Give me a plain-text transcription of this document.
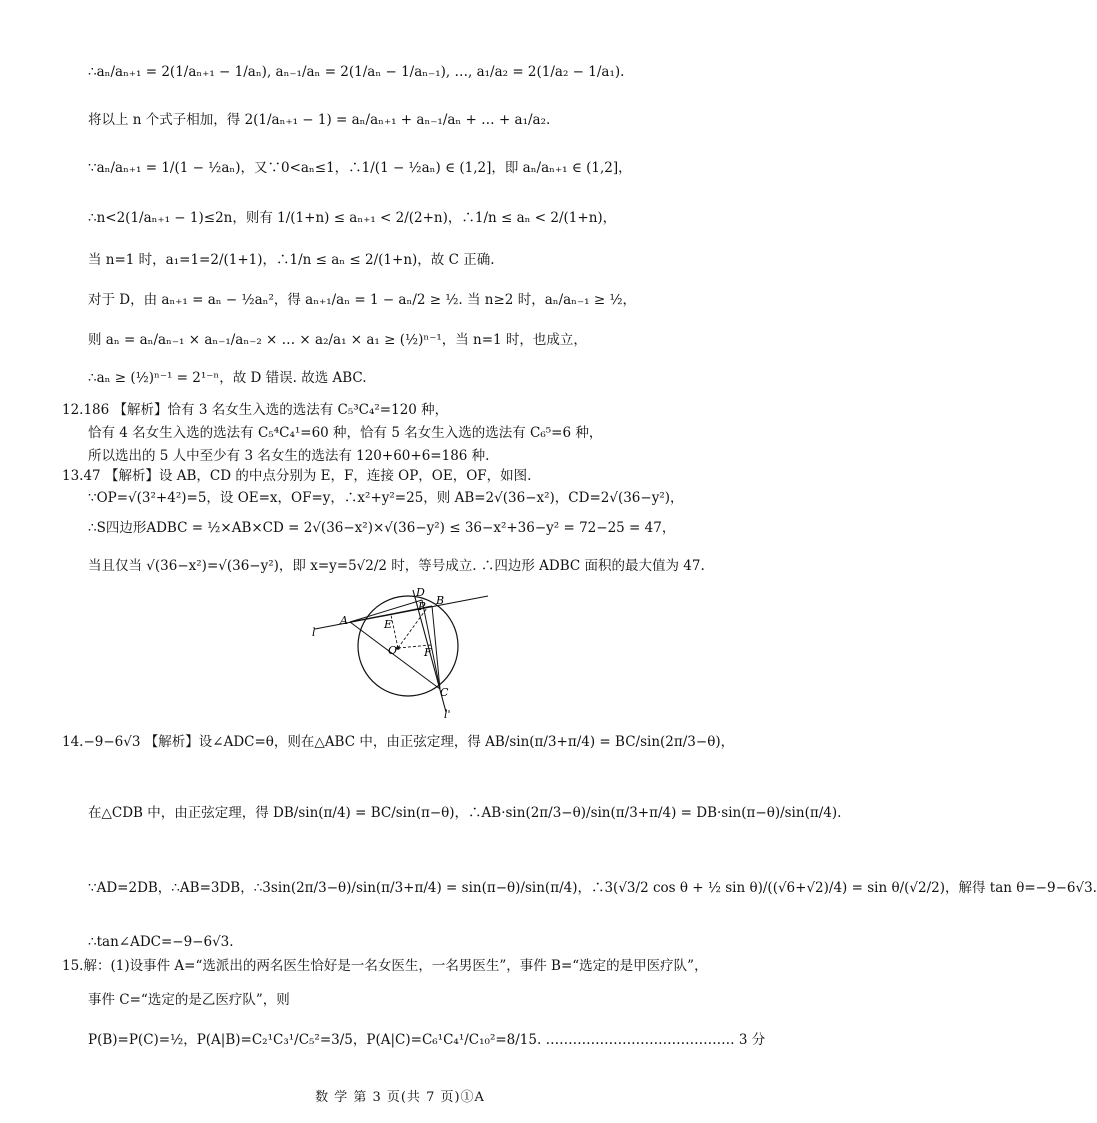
∴aₙ/aₙ₊₁ = 2(1/aₙ₊₁ − 1/aₙ), aₙ₋₁/aₙ = 2(1/aₙ − 1/aₙ₋₁), …, a₁/a₂ = 2(1/a₂ − 1/a₁).
将以上 n 个式子相加，得 2(1/aₙ₊₁ − 1) = aₙ/aₙ₊₁ + aₙ₋₁/aₙ + … + a₁/a₂.
∵aₙ/aₙ₊₁ = 1/(1 − ½aₙ)，又∵0<aₙ≤1，∴1/(1 − ½aₙ) ∈ (1,2]，即 aₙ/aₙ₊₁ ∈ (1,2]，
∴n<2(1/aₙ₊₁ − 1)≤2n，则有 1/(1+n) ≤ aₙ₊₁ < 2/(2+n)，∴1/n ≤ aₙ < 2/(1+n)，
当 n=1 时，a₁=1=2/(1+1)，∴1/n ≤ aₙ ≤ 2/(1+n)，故 C 正确.
对于 D，由 aₙ₊₁ = aₙ − ½aₙ²，得 aₙ₊₁/aₙ = 1 − aₙ/2 ≥ ½. 当 n≥2 时，aₙ/aₙ₋₁ ≥ ½，
则 aₙ = aₙ/aₙ₋₁ × aₙ₋₁/aₙ₋₂ × … × a₂/a₁ × a₁ ≥ (½)ⁿ⁻¹，当 n=1 时，也成立，
∴aₙ ≥ (½)ⁿ⁻¹ = 2¹⁻ⁿ，故 D 错误. 故选 ABC.
12.186 【解析】恰有 3 名女生入选的选法有 C₅³C₄²=120 种，
恰有 4 名女生入选的选法有 C₅⁴C₄¹=60 种，恰有 5 名女生入选的选法有 C₆⁵=6 种，
所以选出的 5 人中至少有 3 名女生的选法有 120+60+6=186 种.
13.47 【解析】设 AB，CD 的中点分别为 E，F，连接 OP，OE，OF，如图.
∵OP=√(3²+4²)=5，设 OE=x，OF=y，∴x²+y²=25，则 AB=2√(36−x²)，CD=2√(36−y²)，
∴S四边形ADBC = ½×AB×CD = 2√(36−x²)×√(36−y²) ≤ 36−x²+36−y² = 72−25 = 47，
当且仅当 √(36−x²)=√(36−y²)，即 x=y=5√2/2 时，等号成立. ∴四边形 ADBC 面积的最大值为 47.
l
A
D
P B
E
O F
C
l'
14.−9−6√3 【解析】设∠ADC=θ，则在△ABC 中，由正弦定理，得 AB/sin(π/3+π/4) = BC/sin(2π/3−θ)，
在△CDB 中，由正弦定理，得 DB/sin(π/4) = BC/sin(π−θ)，∴AB·sin(2π/3−θ)/sin(π/3+π/4) = DB·sin(π−θ)/sin(π/4).
∵AD=2DB，∴AB=3DB，∴3sin(2π/3−θ)/sin(π/3+π/4) = sin(π−θ)/sin(π/4)，∴3(√3/2 cos θ + ½ sin θ)/((√6+√2)/4) = sin θ/(√2/2)，解得 tan θ=−9−6√3.
∴tan∠ADC=−9−6√3.
15.解：(1)设事件 A=“选派出的两名医生恰好是一名女医生，一名男医生”，事件 B=“选定的是甲医疗队”，
事件 C=“选定的是乙医疗队”，则
P(B)=P(C)=½，P(A|B)=C₂¹C₃¹/C₅²=3/5，P(A|C)=C₆¹C₄¹/C₁₀²=8/15. …………………………………… 3 分
数 学 第 3 页(共 7 页)①A
